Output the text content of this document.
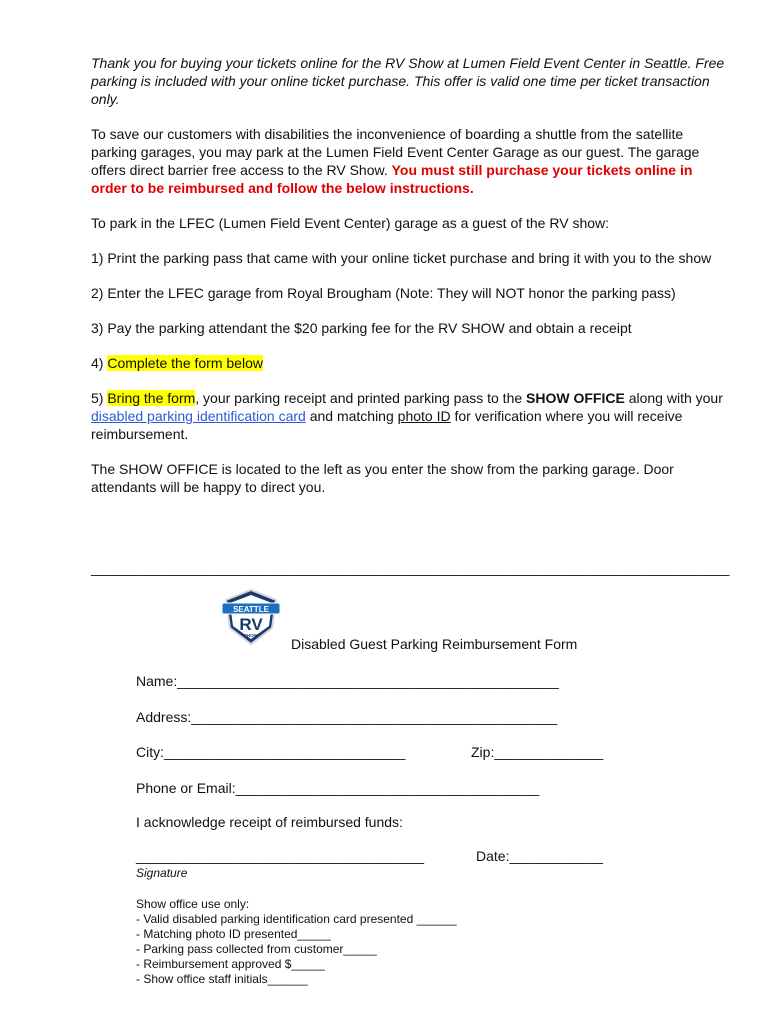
Thank you for buying your tickets online for the RV Show at Lumen Field Event Center in Seattle. Free parking is included with your online ticket purchase. This offer is valid one time per ticket transaction only.

To save our customers with disabilities the inconvenience of boarding a shuttle from the satellite parking garages, you may park at the Lumen Field Event Center Garage as our guest. The garage offers direct barrier free access to the RV Show. You must still purchase your tickets online in order to be reimbursed and follow the below instructions.

To park in the LFEC (Lumen Field Event Center) garage as a guest of the RV show:

1) Print the parking pass that came with your online ticket purchase and bring it with you to the show

2) Enter the LFEC garage from Royal Brougham (Note: They will NOT honor the parking pass)

3) Pay the parking attendant the $20 parking fee for the RV SHOW and obtain a receipt

4) Complete the form below

5) Bring the form, your parking receipt and printed parking pass to the SHOW OFFICE along with your disabled parking identification card and matching photo ID for verification where you will receive reimbursement.

The SHOW OFFICE is located to the left as you enter the show from the parking garage. Door attendants will be happy to direct you.

__________________________________________________________________________________
SEATTLE
RV
SHOW
Disabled Guest Parking Reimbursement Form
Name:_________________________________________________
Address:_______________________________________________
City:_______________________________	Zip:______________
Phone or Email:_______________________________________
I acknowledge receipt of reimbursed funds:
_____________________________________	Date:____________
Signature
Show office use only:
- Valid disabled parking identification card presented ______
- Matching photo ID presented_____
- Parking pass collected from customer_____
- Reimbursement approved $_____
- Show office staff initials______
